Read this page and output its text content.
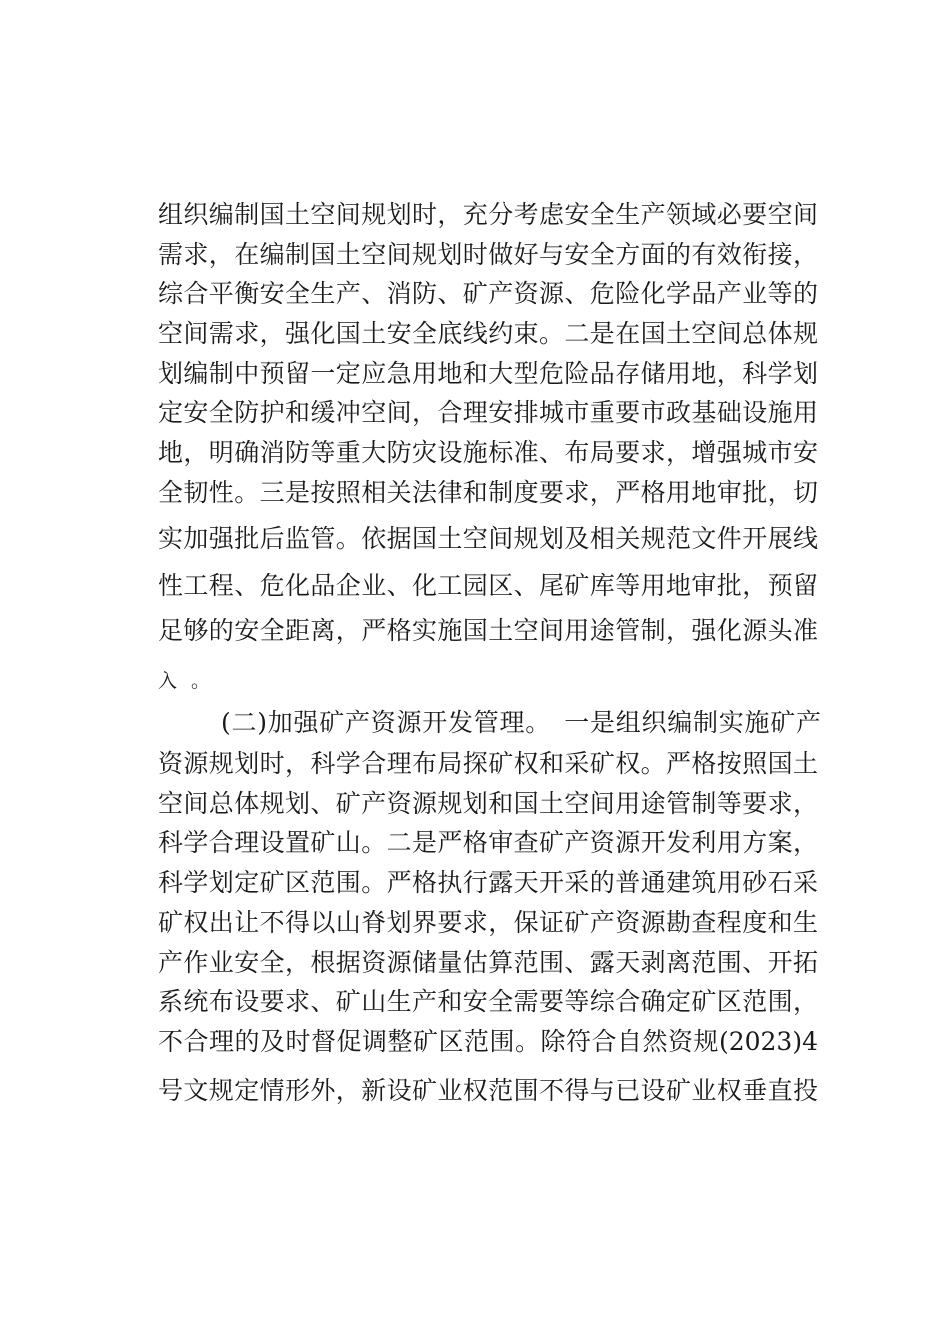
组织编制国土空间规划时，充分考虑安全生产领域必要空间
需求，在编制国土空间规划时做好与安全方面的有效衔接，
综合平衡安全生产、消防、矿产资源、危险化学品产业等的
空间需求，强化国土安全底线约束。二是在国土空间总体规
划编制中预留一定应急用地和大型危险品存储用地，科学划
定安全防护和缓冲空间，合理安排城市重要市政基础设施用
地，明确消防等重大防灾设施标准、布局要求，增强城市安
全韧性。三是按照相关法律和制度要求，严格用地审批，切
实加强批后监管。依据国土空间规划及相关规范文件开展线
性工程、危化品企业、化工园区、尾矿库等用地审批，预留
足够的安全距离，严格实施国土空间用途管制，强化源头准
入。
(二)加强矿产资源开发管理。　一是组织编制实施矿产
资源规划时，科学合理布局探矿权和采矿权。严格按照国土
空间总体规划、矿产资源规划和国土空间用途管制等要求，
科学合理设置矿山。二是严格审查矿产资源开发利用方案，
科学划定矿区范围。严格执行露天开采的普通建筑用砂石采
矿权出让不得以山脊划界要求，保证矿产资源勘查程度和生
产作业安全，根据资源储量估算范围、露天剥离范围、开拓
系统布设要求、矿山生产和安全需要等综合确定矿区范围，
不合理的及时督促调整矿区范围。除符合自然资规(2023)4
号文规定情形外，新设矿业权范围不得与已设矿业权垂直投
